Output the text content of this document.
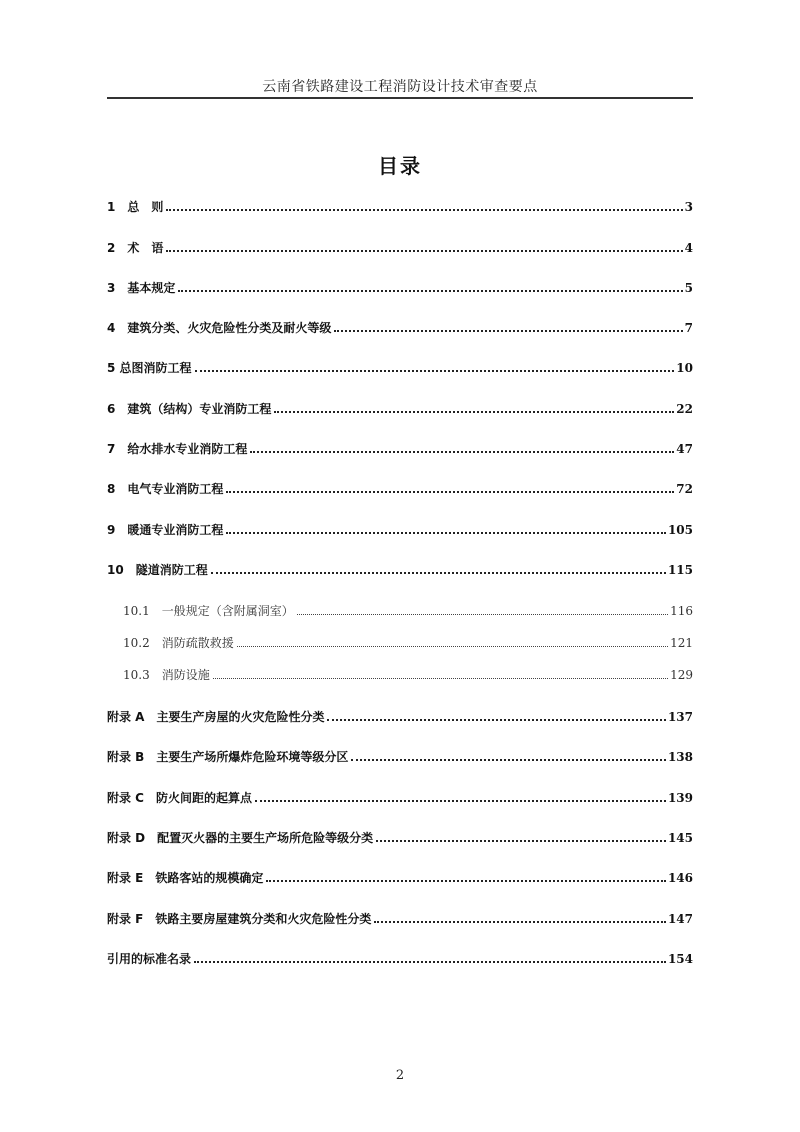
云南省铁路建设工程消防设计技术审查要点
目录
1　总　则	3
2　术　语	4
3　基本规定	5
4　建筑分类、火灾危险性分类及耐火等级	7
5 总图消防工程	10
6　建筑（结构）专业消防工程	22
7　给水排水专业消防工程	47
8　电气专业消防工程	72
9　暖通专业消防工程	105
10　隧道消防工程	115
10.1　一般规定（含附属洞室）	116
10.2　消防疏散救援	121
10.3　消防设施	129
附录 A　主要生产房屋的火灾危险性分类	137
附录 B　主要生产场所爆炸危险环境等级分区	138
附录 C　防火间距的起算点	139
附录 D　配置灭火器的主要生产场所危险等级分类	145
附录 E　铁路客站的规模确定	146
附录 F　铁路主要房屋建筑分类和火灾危险性分类	147
引用的标准名录	154
2
